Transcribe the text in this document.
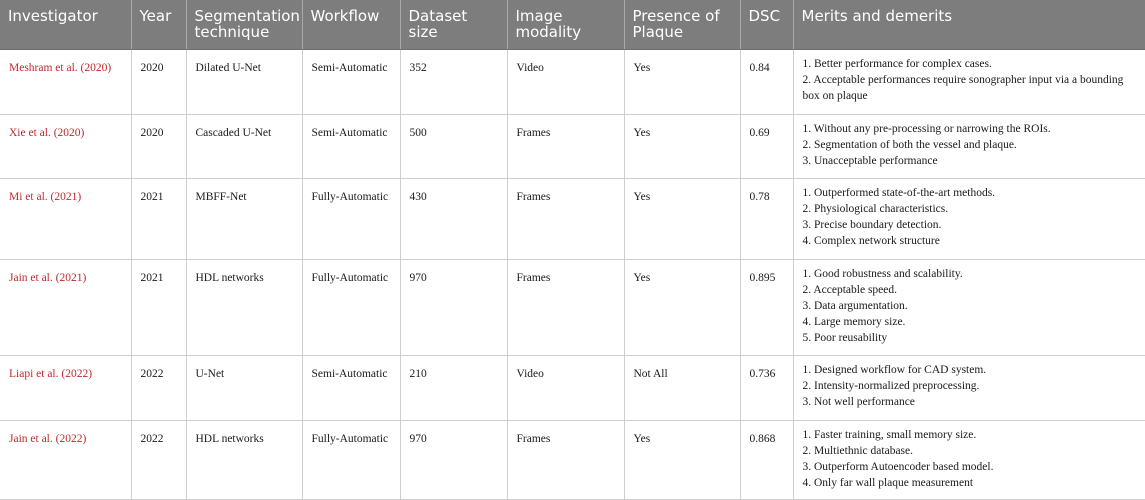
Investigator	Year	Segmentation technique	Workflow	Dataset size	Image modality	Presence of Plaque	DSC	Merits and demerits
Meshram et al. (2020)	2020	Dilated U-Net	Semi-Automatic	352	Video	Yes	0.84	1. Better performance for complex cases.
2. Acceptable performances require sonographer input via a bounding box on plaque

Xie et al. (2020)	2020	Cascaded U-Net	Semi-Automatic	500	Frames	Yes	0.69	1. Without any pre-processing or narrowing the ROIs.
2. Segmentation of both the vessel and plaque.
3. Unacceptable performance

Mi et al. (2021)	2021	MBFF-Net	Fully-Automatic	430	Frames	Yes	0.78	1. Outperformed state-of-the-art methods.
2. Physiological characteristics.
3. Precise boundary detection.
4. Complex network structure

Jain et al. (2021)	2021	HDL networks	Fully-Automatic	970	Frames	Yes	0.895	1. Good robustness and scalability.
2. Acceptable speed.
3. Data argumentation.
4. Large memory size.
5. Poor reusability

Liapi et al. (2022)	2022	U-Net	Semi-Automatic	210	Video	Not All	0.736	1. Designed workflow for CAD system.
2. Intensity-normalized preprocessing.
3. Not well performance

Jain et al. (2022)	2022	HDL networks	Fully-Automatic	970	Frames	Yes	0.868	1. Faster training, small memory size.
2. Multiethnic database.
3. Outperform Autoencoder based model.
4. Only far wall plaque measurement
